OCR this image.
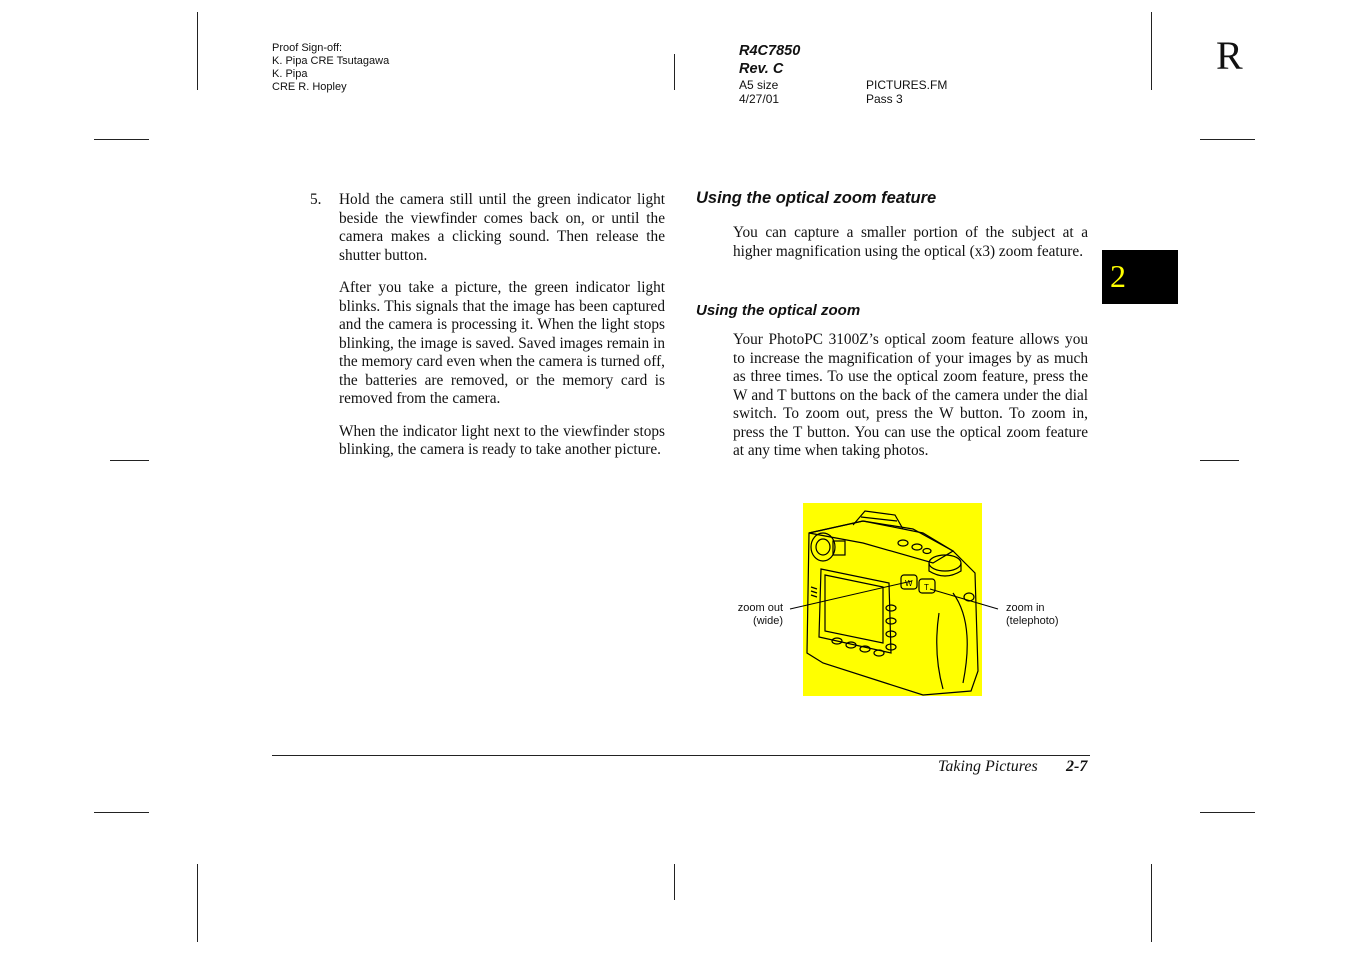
Proof Sign-off:
K. Pipa CRE Tsutagawa
K. Pipa
CRE R. Hopley
R4C7850
Rev. C
A5 size
4/27/01
PICTURES.FM
Pass 3
R
2
5. Hold the camera still until the green indicator light beside the viewfinder comes back on, or until the camera makes a clicking sound. Then release the shutter button.

After you take a picture, the green indicator light blinks. This signals that the image has been captured and the camera is processing it. When the light stops blinking, the image is saved. Saved images remain in the memory card even when the camera is turned off, the batteries are removed, or the memory card is removed from the camera.

When the indicator light next to the viewfinder stops blinking, the camera is ready to take another picture.

Using the optical zoom feature
You can capture a smaller portion of the subject at a higher magnification using the optical (x3) zoom feature.
Using the optical zoom
Your PhotoPC 3100Z’s optical zoom feature allows you to increase the magnification of your images by as much as three times. To use the optical zoom feature, press the W and T buttons on the back of the camera under the dial switch. To zoom out, press the W button. To zoom in, press the T button. You can use the optical zoom feature at any time when taking photos.
W T
zoom out
(wide)
zoom in
(telephoto)
Taking Pictures 2-7
